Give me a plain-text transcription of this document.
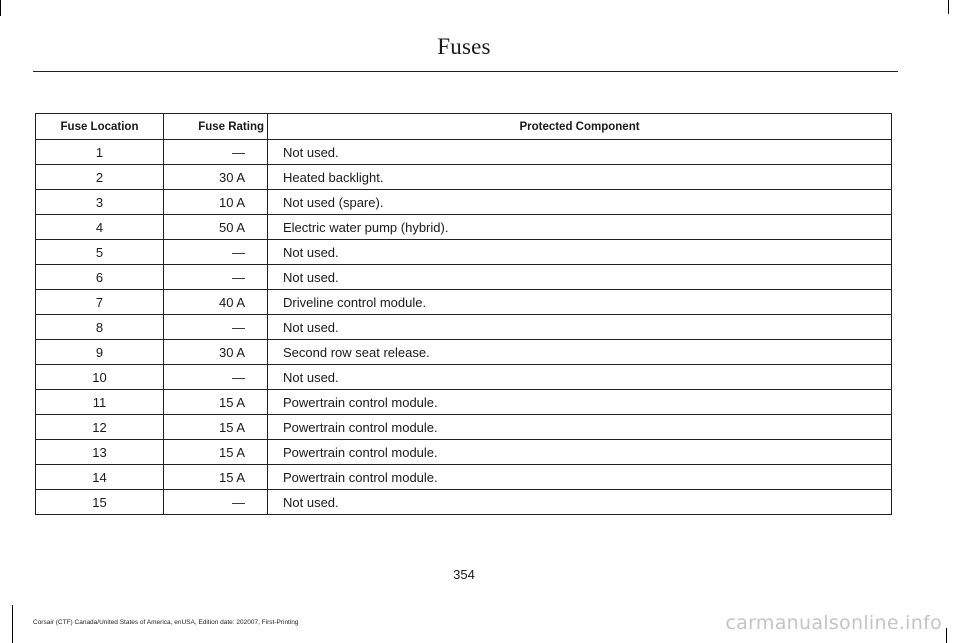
Fuses
Fuse Location	Fuse Rating	Protected Component
1	—	Not used.
2	30 A	Heated backlight.
3	10 A	Not used (spare).
4	50 A	Electric water pump (hybrid).
5	—	Not used.
6	—	Not used.
7	40 A	Driveline control module.
8	—	Not used.
9	30 A	Second row seat release.
10	—	Not used.
11	15 A	Powertrain control module.
12	15 A	Powertrain control module.
13	15 A	Powertrain control module.
14	15 A	Powertrain control module.
15	—	Not used.
354
Corsair (CTF) Canada/United States of America, enUSA, Edition date: 202007, First-Printing	carmanualsonline.info
